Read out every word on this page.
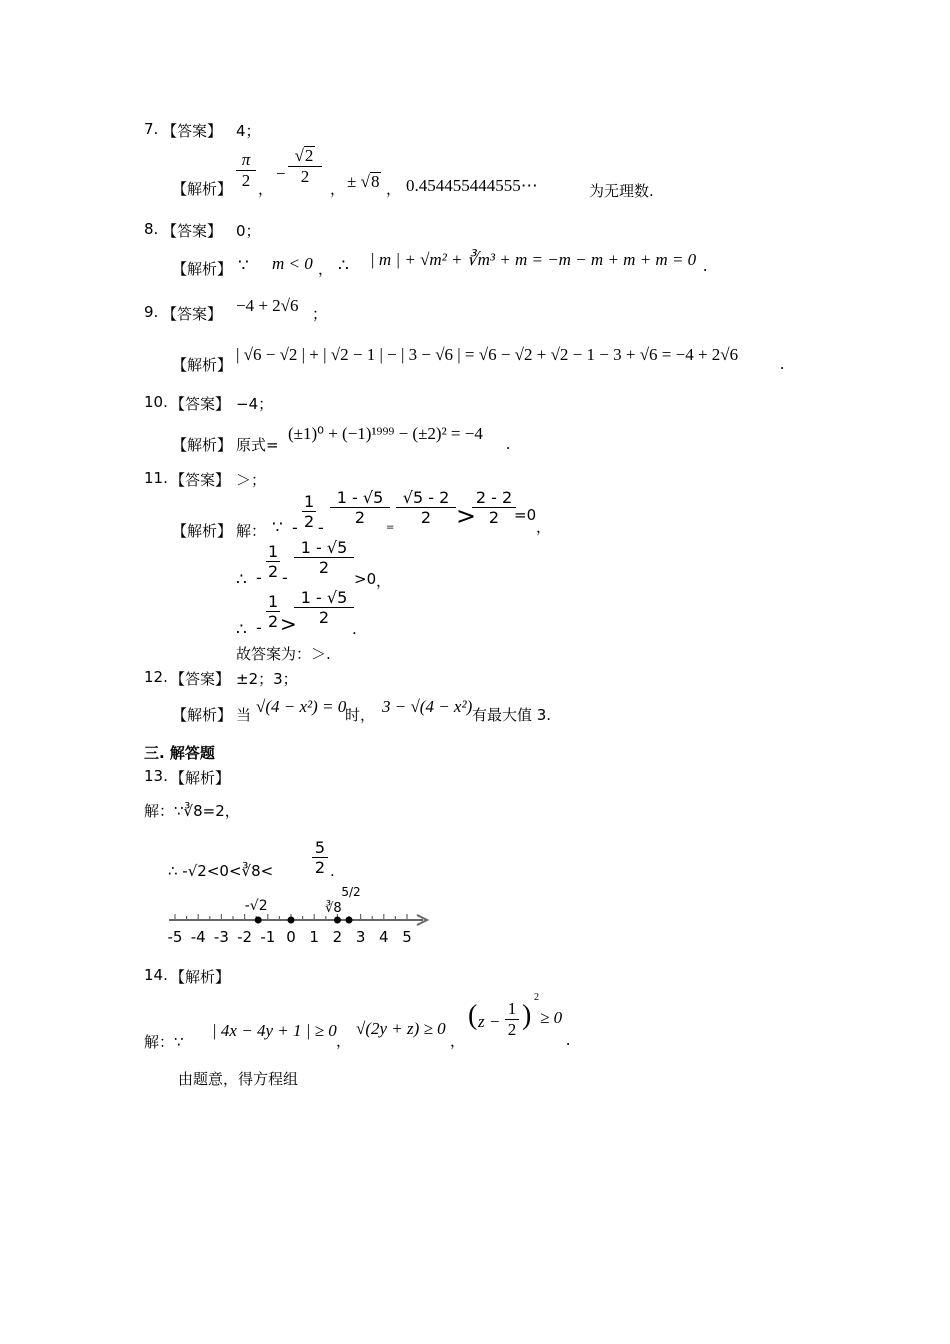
7. 【答案】 4；
【解析】
π
2 ，
−
√2
2
， ± √8 ， 0.454455444555⋯	为无理数.
8. 【答案】 0；
【解析】 ∵ m < 0 ， ∴ | m | + √m² + ∛m³ + m = −m − m + m + m = 0 .
9. 【答案】 −4 + 2√6 ；
【解析】
| √6 − √2 | + | √2 − 1 | − | 3 − √6 | = √6 − √2 + √2 − 1 − 3 + √6 = −4 + 2√6 .
10. 【答案】 −4；
【解析】 原式=
(±1)⁰ + (−1)¹⁹⁹⁹ − (±2)² = −4
.
11. 【答案】 ＞；
【解析】 解： ∵ -
1
2 -
1 - √5
2
=
√5 - 2
2	>
2 - 2
2 =0
，
∴ -
1
2 -
1 - √5
2
>0 ，
∴ -
1
2 >
1 - √5
2
.
故答案为：＞.
12. 【答案】 ±2；3；
【解析】 当 √(4 − x²) = 0
时， 3 − √(4 − x²) 有最大值 3.
三. 解答题
13. 【解析】
解：∵∛8=2，
∴ -√2<0<∛8<
5
2 .
-5 -4 -3 -2 -1 0 1 2 3 4 5
-√2	∛8
5/2
14. 【解析】
解：∵
| 4x − 4y + 1 | ≥ 0
，
√(2y + z) ≥ 0
，
( z −
1
2 )
2
≥ 0
.
由题意，得方程组
